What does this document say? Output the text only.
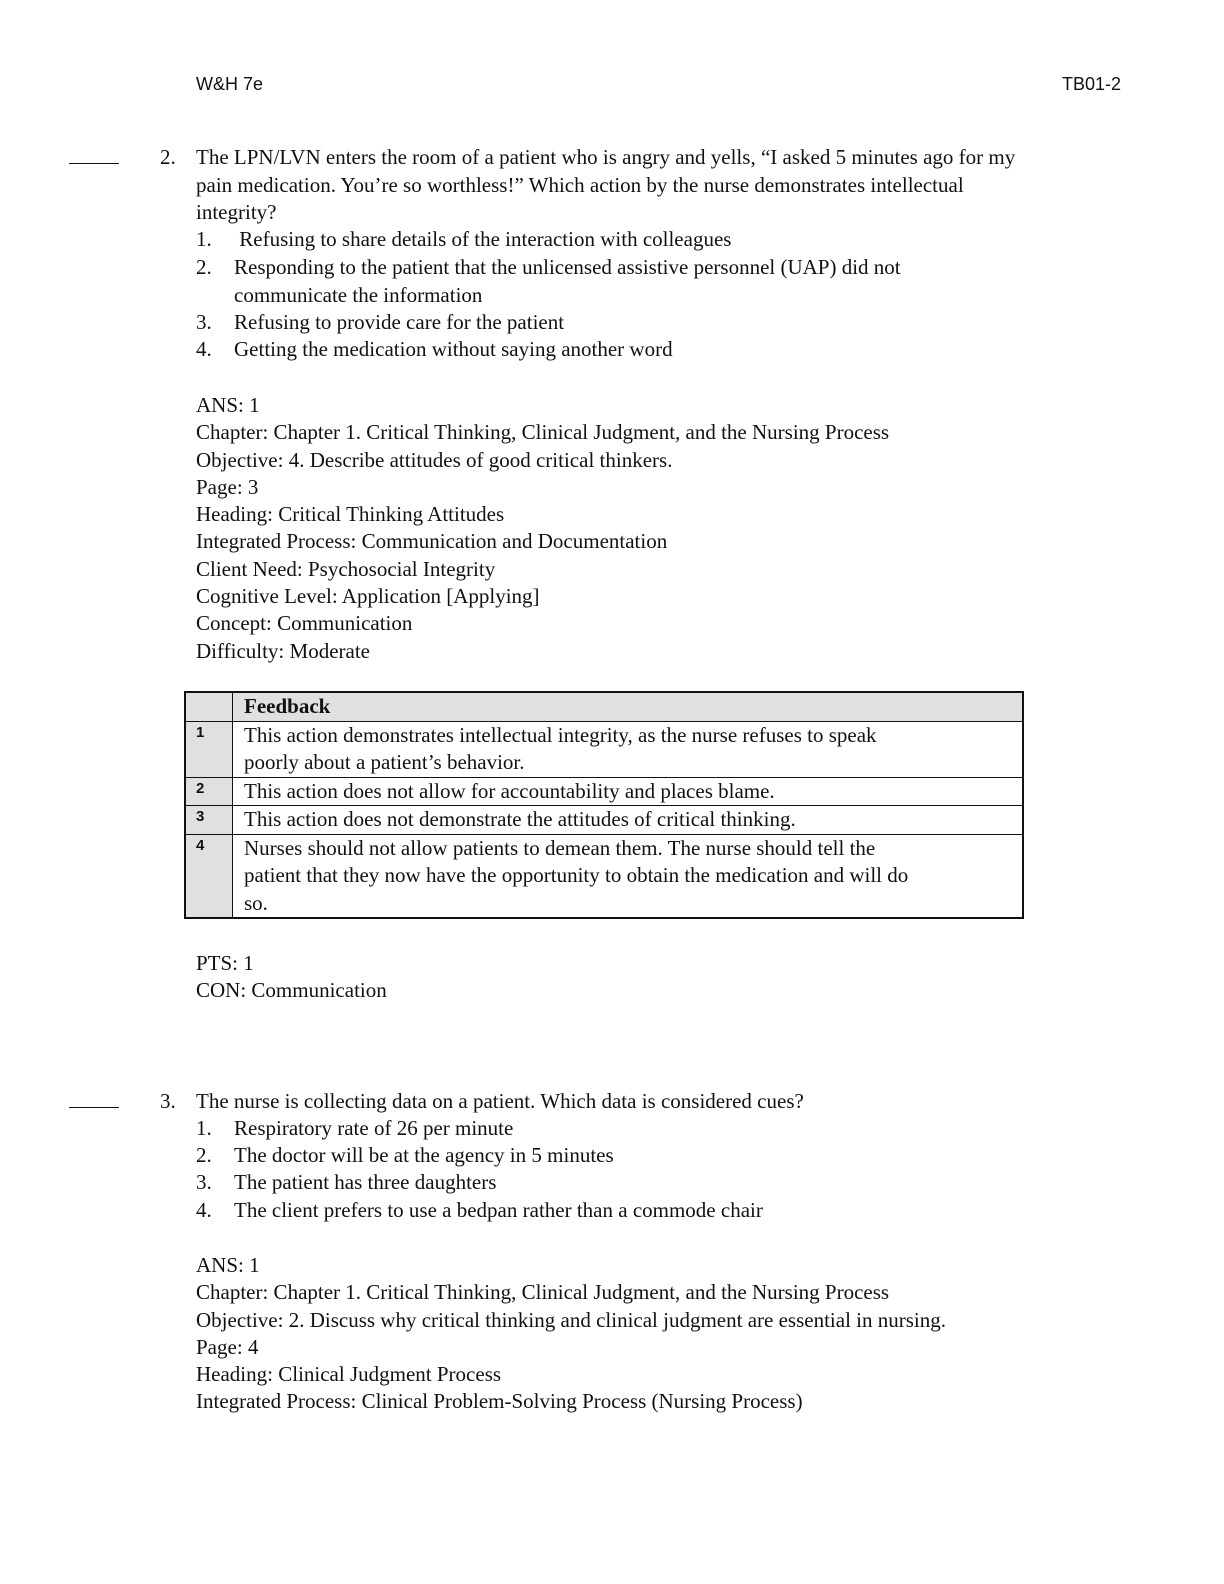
W&H 7e	TB01-2
2. The LPN/LVN enters the room of a patient who is angry and yells, “I asked 5 minutes ago for my
pain medication. You’re so worthless!” Which action by the nurse demonstrates intellectual
integrity?
1. Refusing to share details of the interaction with colleagues
2. Responding to the patient that the unlicensed assistive personnel (UAP) did not
communicate the information
3. Refusing to provide care for the patient
4. Getting the medication without saying another word
ANS: 1
Chapter: Chapter 1. Critical Thinking, Clinical Judgment, and the Nursing Process
Objective: 4. Describe attitudes of good critical thinkers.
Page: 3
Heading: Critical Thinking Attitudes
Integrated Process: Communication and Documentation
Client Need: Psychosocial Integrity
Cognitive Level: Application [Applying]
Concept: Communication
Difficulty: Moderate
	Feedback
1	This action demonstrates intellectual integrity, as the nurse refuses to speak
poorly about a patient’s behavior.

2	This action does not allow for accountability and places blame.
3	This action does not demonstrate the attitudes of critical thinking.
4	Nurses should not allow patients to demean them. The nurse should tell the
patient that they now have the opportunity to obtain the medication and will do
so.
PTS: 1
CON: Communication
3. The nurse is collecting data on a patient. Which data is considered cues?
1. Respiratory rate of 26 per minute
2. The doctor will be at the agency in 5 minutes
3. The patient has three daughters
4. The client prefers to use a bedpan rather than a commode chair
ANS: 1
Chapter: Chapter 1. Critical Thinking, Clinical Judgment, and the Nursing Process
Objective: 2. Discuss why critical thinking and clinical judgment are essential in nursing.
Page: 4
Heading: Clinical Judgment Process
Integrated Process: Clinical Problem-Solving Process (Nursing Process)
